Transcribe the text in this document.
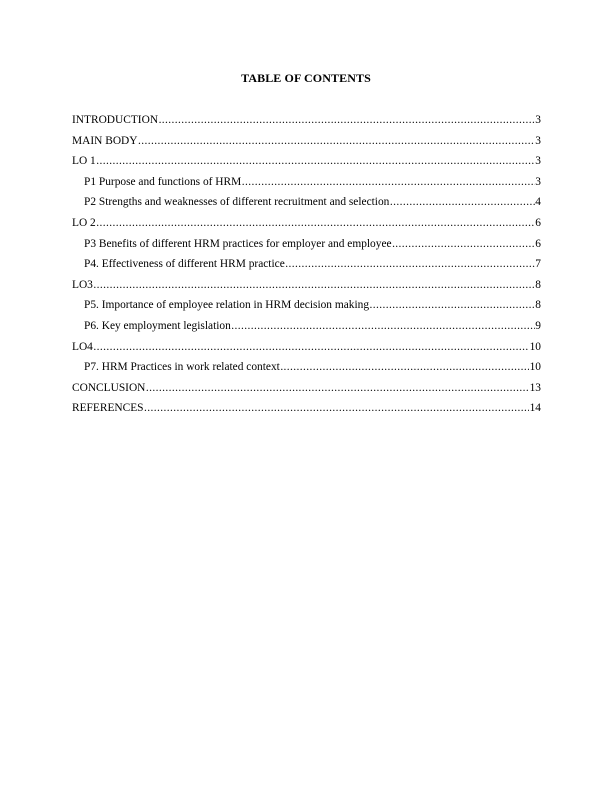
TABLE OF CONTENTS
INTRODUCTION .....	3
MAIN BODY .....	3
LO 1 .....	3
P1 Purpose and functions of HRM .....	3
P2 Strengths and weaknesses of different recruitment and selection .....	4
LO 2 .....	6
P3 Benefits of different HRM practices for employer and employee .....	6
P4. Effectiveness of different HRM practice .....	7
LO3 .....	8
P5. Importance of employee relation in HRM decision making .....	8
P6. Key employment legislation .....	9
LO4 .....	10
P7. HRM Practices in work related context .....	10
CONCLUSION .....	13
REFERENCES .....	14
